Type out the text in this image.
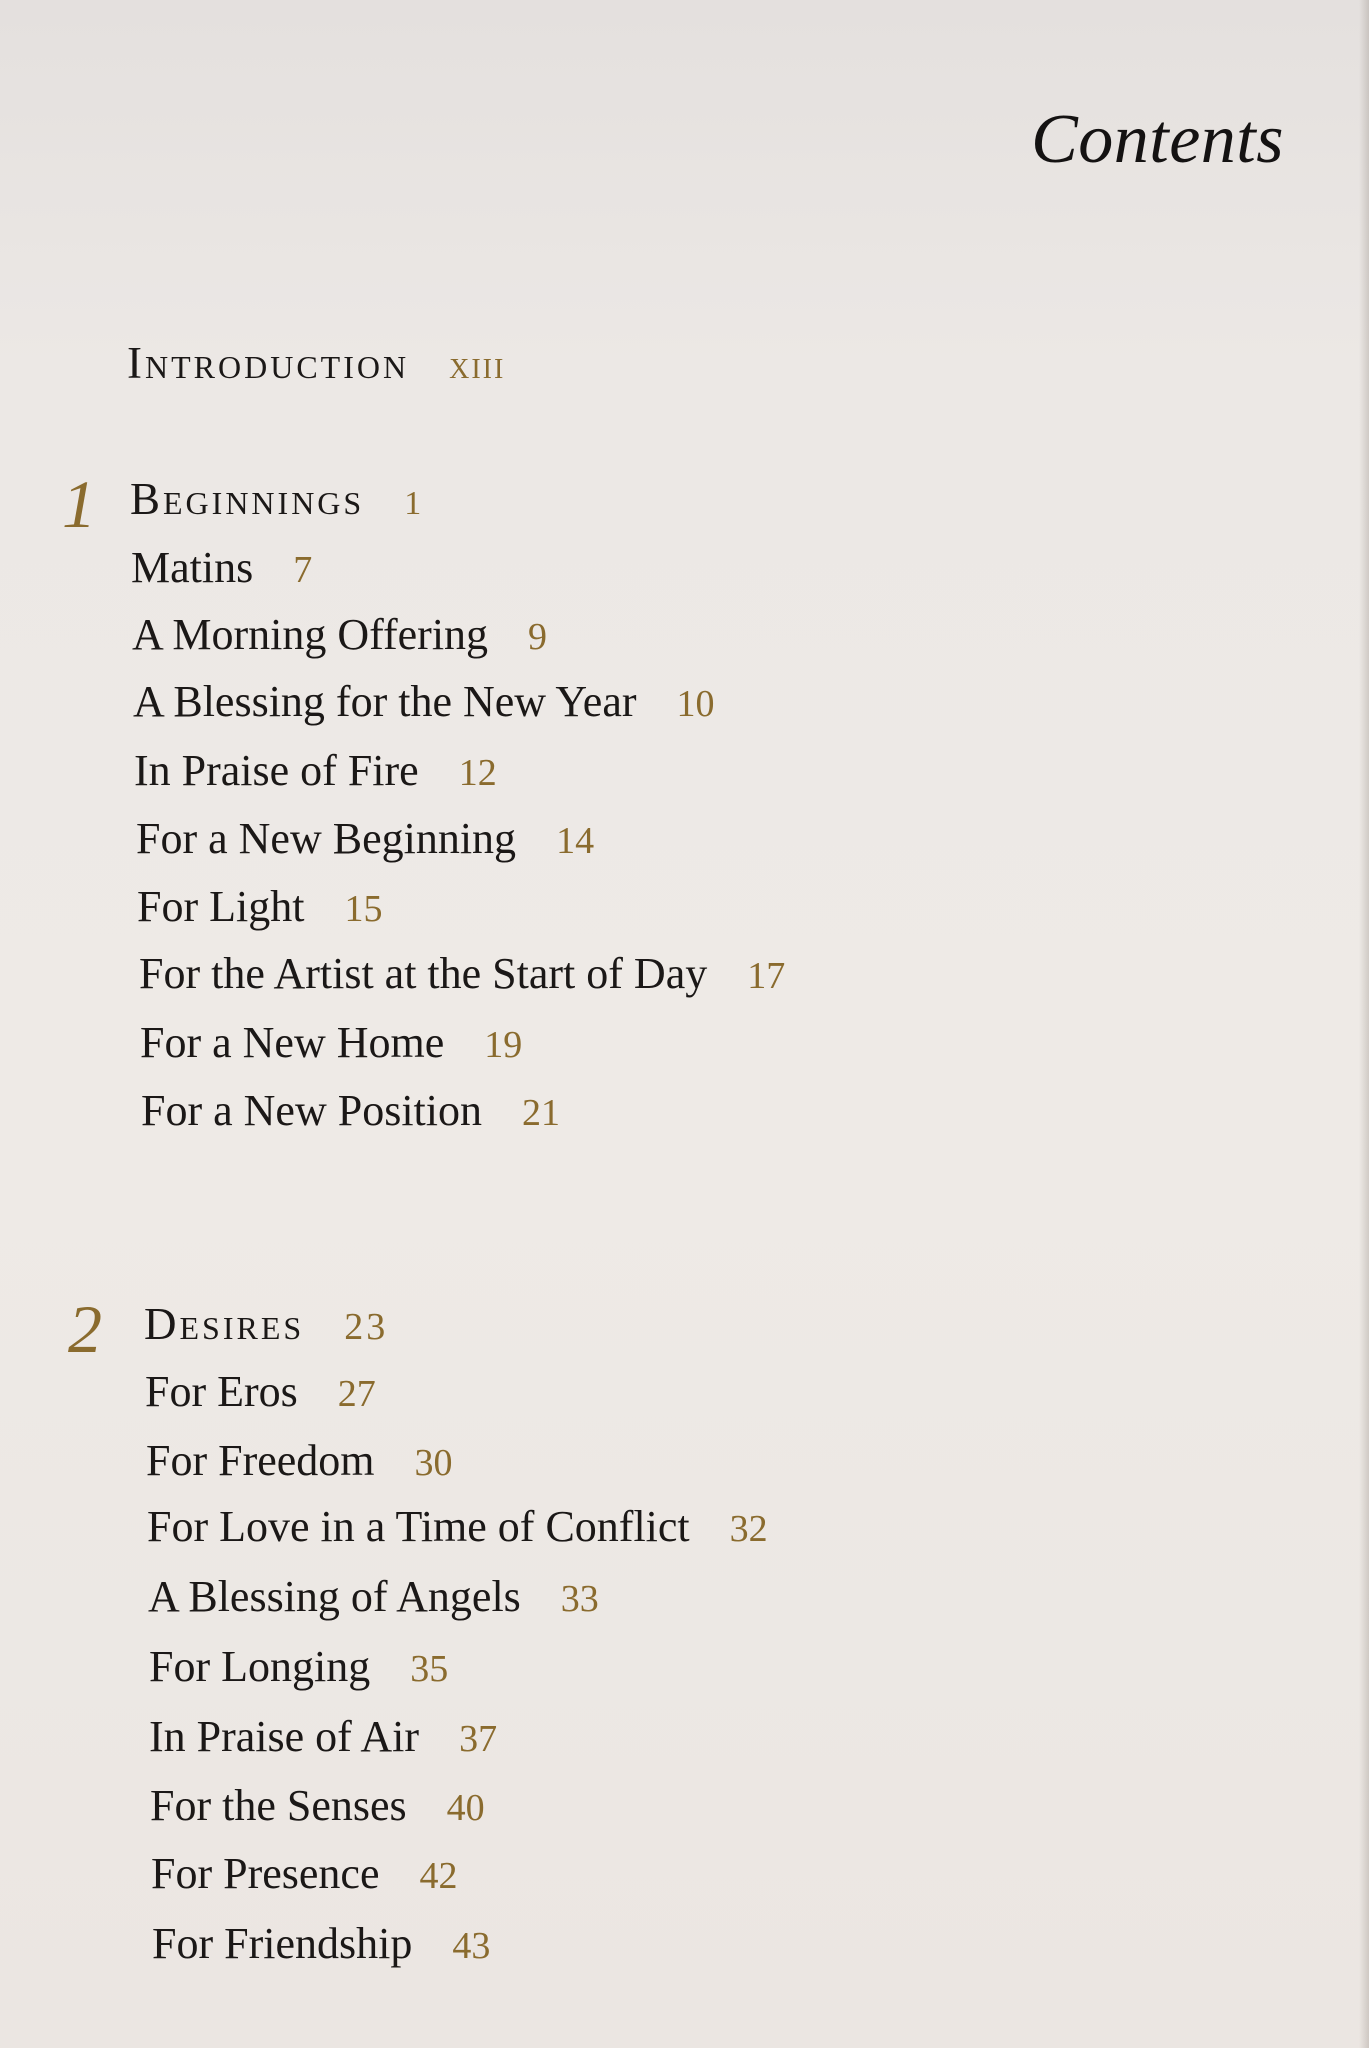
Contents
Introduction xiii
1 Beginnings 1
Matins 7
A Morning Offering 9
A Blessing for the New Year 10
In Praise of Fire 12
For a New Beginning 14
For Light 15
For the Artist at the Start of Day 17
For a New Home 19
For a New Position 21
2 Desires 23
For Eros 27
For Freedom 30
For Love in a Time of Conflict 32
A Blessing of Angels 33
For Longing 35
In Praise of Air 37
For the Senses 40
For Presence 42
For Friendship 43
